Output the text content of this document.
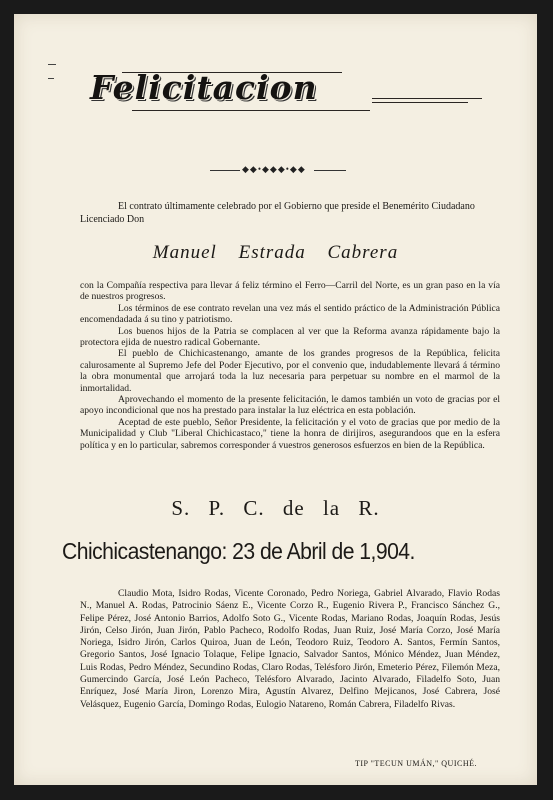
Felicitacion
◆◆•◆◆◆•◆◆
El contrato últimamente celebrado por el Gobierno que preside el Benemérito Ciudadano Licenciado Don
Manuel Estrada Cabrera

con la Compañía respectiva para llevar á feliz término el Ferro—Carril del Norte, es un gran paso en la vía de nuestros progresos.

Los términos de ese contrato revelan una vez más el sentido práctico de la Administración Pública encomendadada á su tino y patriotismo.

Los buenos hijos de la Patria se complacen al ver que la Reforma avanza rápidamente bajo la protectora ejida de nuestro radical Gobernante.

El pueblo de Chichicastenango, amante de los grandes progresos de la República, felicita calurosamente al Supremo Jefe del Poder Ejecutivo, por el convenio que, indudablemente llevará á término la obra monumental que arrojará toda la luz necesaria para perpetuar su nombre en el marmol de la inmortalidad.

Aprovechando el momento de la presente felicitación, le damos también un voto de gracias por el apoyo incondicional que nos ha prestado para instalar la luz eléctrica en esta población.

Aceptad de este pueblo, Señor Presidente, la felicitación y el voto de gracias que por medio de la Municipalidad y Club "Liberal Chichicastaco," tiene la honra de dirijiros, asegurandoos que en la esfera política y en lo particular, sabremos corresponder á vuestros generosos esfuerzos en bien de la República.

S. P. C. de la R.
Chichicastenango: 23 de Abril de 1,904.
Claudio Mota, Isidro Rodas, Vicente Coronado, Pedro Noriega, Gabriel Alvarado, Flavio Rodas N., Manuel A. Rodas, Patrocinio Sáenz E., Vicente Corzo R., Eugenio Rivera P., Francisco Sánchez G., Felipe Pérez, José Antonio Barrios, Adolfo Soto G., Vicente Rodas, Mariano Rodas, Joaquín Rodas, Jesús Jirón, Celso Jirón, Juan Jirón, Pablo Pacheco, Rodolfo Rodas, Juan Ruiz, José María Corzo, José María Noriega, Isidro Jirón, Carlos Quiroa, Juan de León, Teodoro Ruiz, Teodoro A. Santos, Fermín Santos, Gregorio Santos, José Ignacio Tolaque, Felipe Ignacio, Salvador Santos, Mónico Méndez, Juan Méndez, Luis Rodas, Pedro Méndez, Secundino Rodas, Claro Rodas, Telésforo Jirón, Emeterio Pérez, Filemón Meza, Gumercindo García, José León Pacheco, Telésforo Alvarado, Jacinto Alvarado, Filadelfo Soto, Juan Enríquez, José María Jiron, Lorenzo Mira, Agustín Alvarez, Delfino Mejicanos, José Cabrera, José Velásquez, Eugenio García, Domingo Rodas, Eulogio Natareno, Román Cabrera, Filadelfo Rivas.
TIP "TECUN UMÁN," QUICHÉ.
